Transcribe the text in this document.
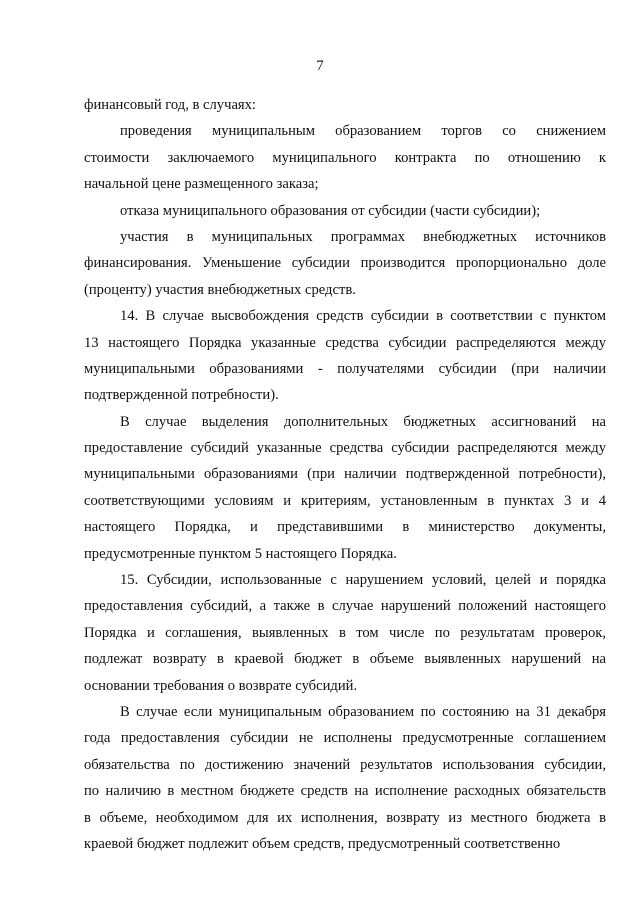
7
финансовый год, в случаях:
проведения муниципальным образованием торгов со снижением
стоимости заключаемого муниципального контракта по отношению к
начальной цене размещенного заказа;
отказа муниципального образования от субсидии (части субсидии);
участия в муниципальных программах внебюджетных источников
финансирования. Уменьшение субсидии производится пропорционально доле
(проценту) участия внебюджетных средств.
14. В случае высвобождения средств субсидии в соответствии с пунктом
13 настоящего Порядка указанные средства субсидии распределяются между
муниципальными образованиями - получателями субсидии (при наличии
подтвержденной потребности).
В случае выделения дополнительных бюджетных ассигнований на
предоставление субсидий указанные средства субсидии распределяются между
муниципальными образованиями (при наличии подтвержденной потребности),
соответствующими условиям и критериям, установленным в пунктах 3 и 4
настоящего Порядка, и представившими в министерство документы,
предусмотренные пунктом 5 настоящего Порядка.
15. Субсидии, использованные с нарушением условий, целей и порядка
предоставления субсидий, а также в случае нарушений положений настоящего
Порядка и соглашения, выявленных в том числе по результатам проверок,
подлежат возврату в краевой бюджет в объеме выявленных нарушений на
основании требования о возврате субсидий.
В случае если муниципальным образованием по состоянию на 31 декабря
года предоставления субсидии не исполнены предусмотренные соглашением
обязательства по достижению значений результатов использования субсидии,
по наличию в местном бюджете средств на исполнение расходных обязательств
в объеме, необходимом для их исполнения, возврату из местного бюджета в
краевой бюджет подлежит объем средств, предусмотренный соответственно
